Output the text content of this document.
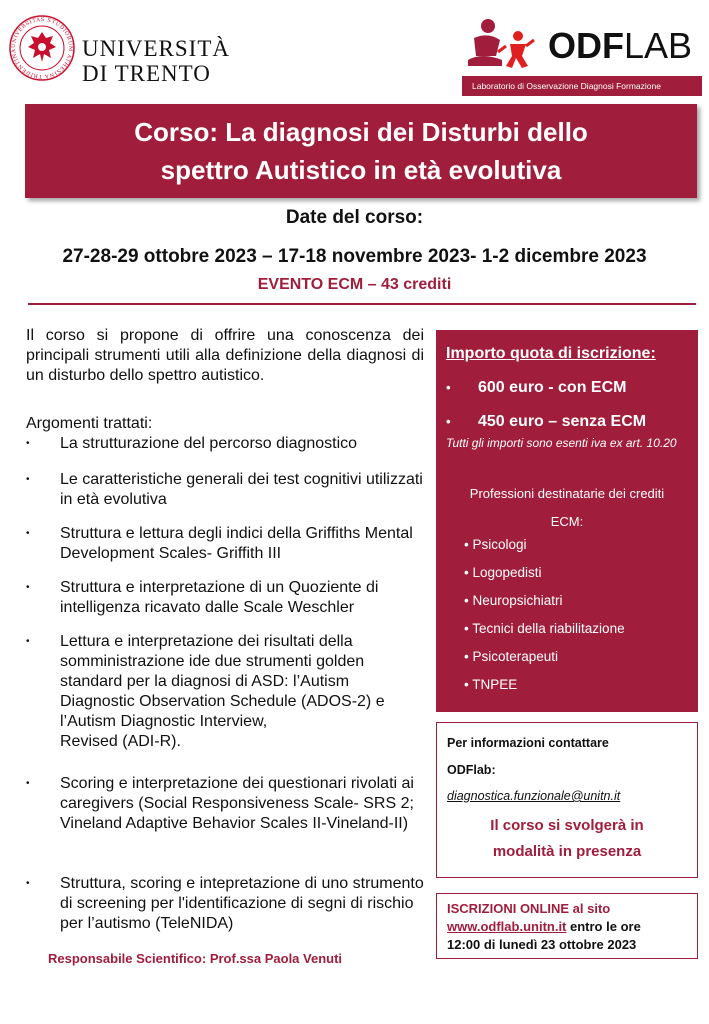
UNIVERSITAS STUDIORUM ATHESINA TRIDENTINA	UNIVERSITÀ
DI TRENTO
ODFLAB
Laboratorio di Osservazione Diagnosi Formazione
Corso: La diagnosi dei Disturbi dello
spettro Autistico in età evolutiva
Date del corso:
27-28-29 ottobre 2023 – 17-18 novembre 2023- 1-2 dicembre 2023
EVENTO ECM – 43 crediti
Il corso si propone di offrire una conoscenza dei principali strumenti utili alla definizione della diagnosi di un disturbo dello spettro autistico.
Argomenti trattati:
•	La strutturazione del percorso diagnostico
•	Le caratteristiche generali dei test cognitivi utilizzati in età evolutiva
•	Struttura e lettura degli indici della Griffiths Mental Development Scales- Griffith III
•	Struttura e interpretazione di un Quoziente di intelligenza ricavato dalle Scale Weschler
•	Lettura e interpretazione dei risultati della somministrazione ide due strumenti golden standard per la diagnosi di ASD: l’Autism Diagnostic Observation Schedule (ADOS-2) e l’Autism Diagnostic Interview,
Revised (ADI-R).
•	Scoring e interpretazione dei questionari rivolati ai caregivers (Social Responsiveness Scale- SRS 2; Vineland Adaptive Behavior Scales II-Vineland-II)
•	Struttura, scoring e intepretazione di uno strumento di screening per l'identificazione di segni di rischio per l’autismo (TeleNIDA)
Responsabile Scientifico: Prof.ssa Paola Venuti
Importo quota di iscrizione:
• 600 euro - con ECM
• 450 euro – senza ECM
Tutti gli importi sono esenti iva ex art. 10.20
Professioni destinatarie dei crediti
ECM:
• Psicologi
• Logopedisti
• Neuropsichiatri
• Tecnici della riabilitazione
• Psicoterapeuti
• TNPEE
Per informazioni contattare
ODFlab:
diagnostica.funzionale@unitn.it
Il corso si svolgerà in
modalità in presenza
ISCRIZIONI ONLINE al sito
www.odflab.unitn.it entro le ore
12:00 di lunedì 23 ottobre 2023
